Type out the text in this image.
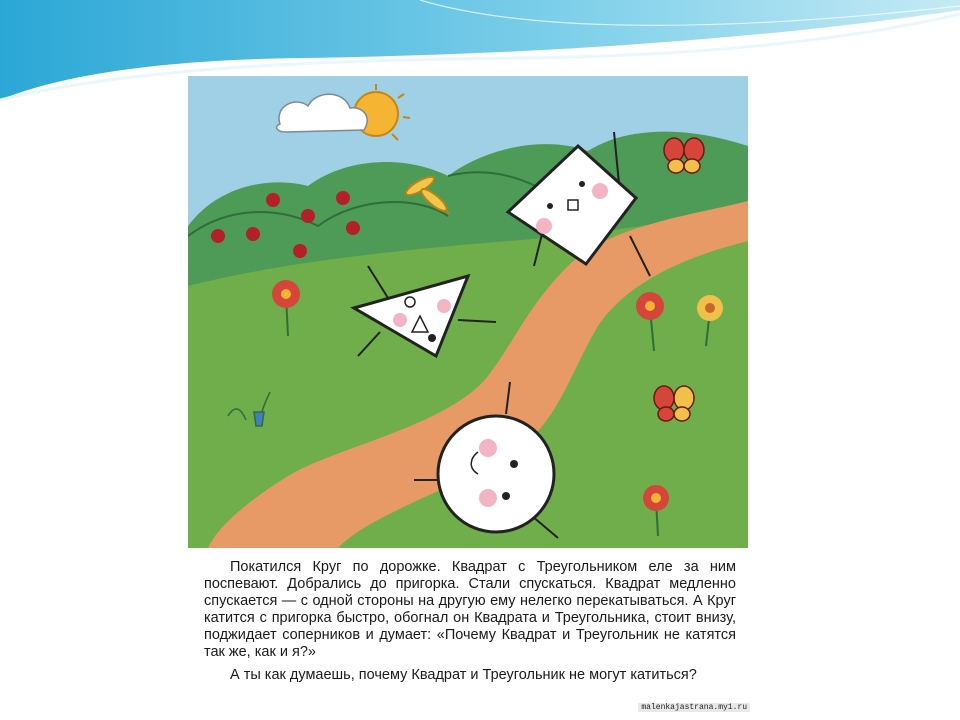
Покатился Круг по дорожке. Квадрат с Треугольником еле за ним поспевают. Добрались до пригорка. Стали спускаться. Квадрат медленно спускается — с одной стороны на другую ему нелегко перекатываться. А Круг катится с пригорка быстро, обогнал он Квадрата и Треугольника, стоит внизу, поджидает соперников и думает: «Почему Квадрат и Треугольник не катятся так же, как и я?»

А ты как думаешь, почему Квадрат и Треугольник не могут катиться?

malenkajastrana.my1.ru
